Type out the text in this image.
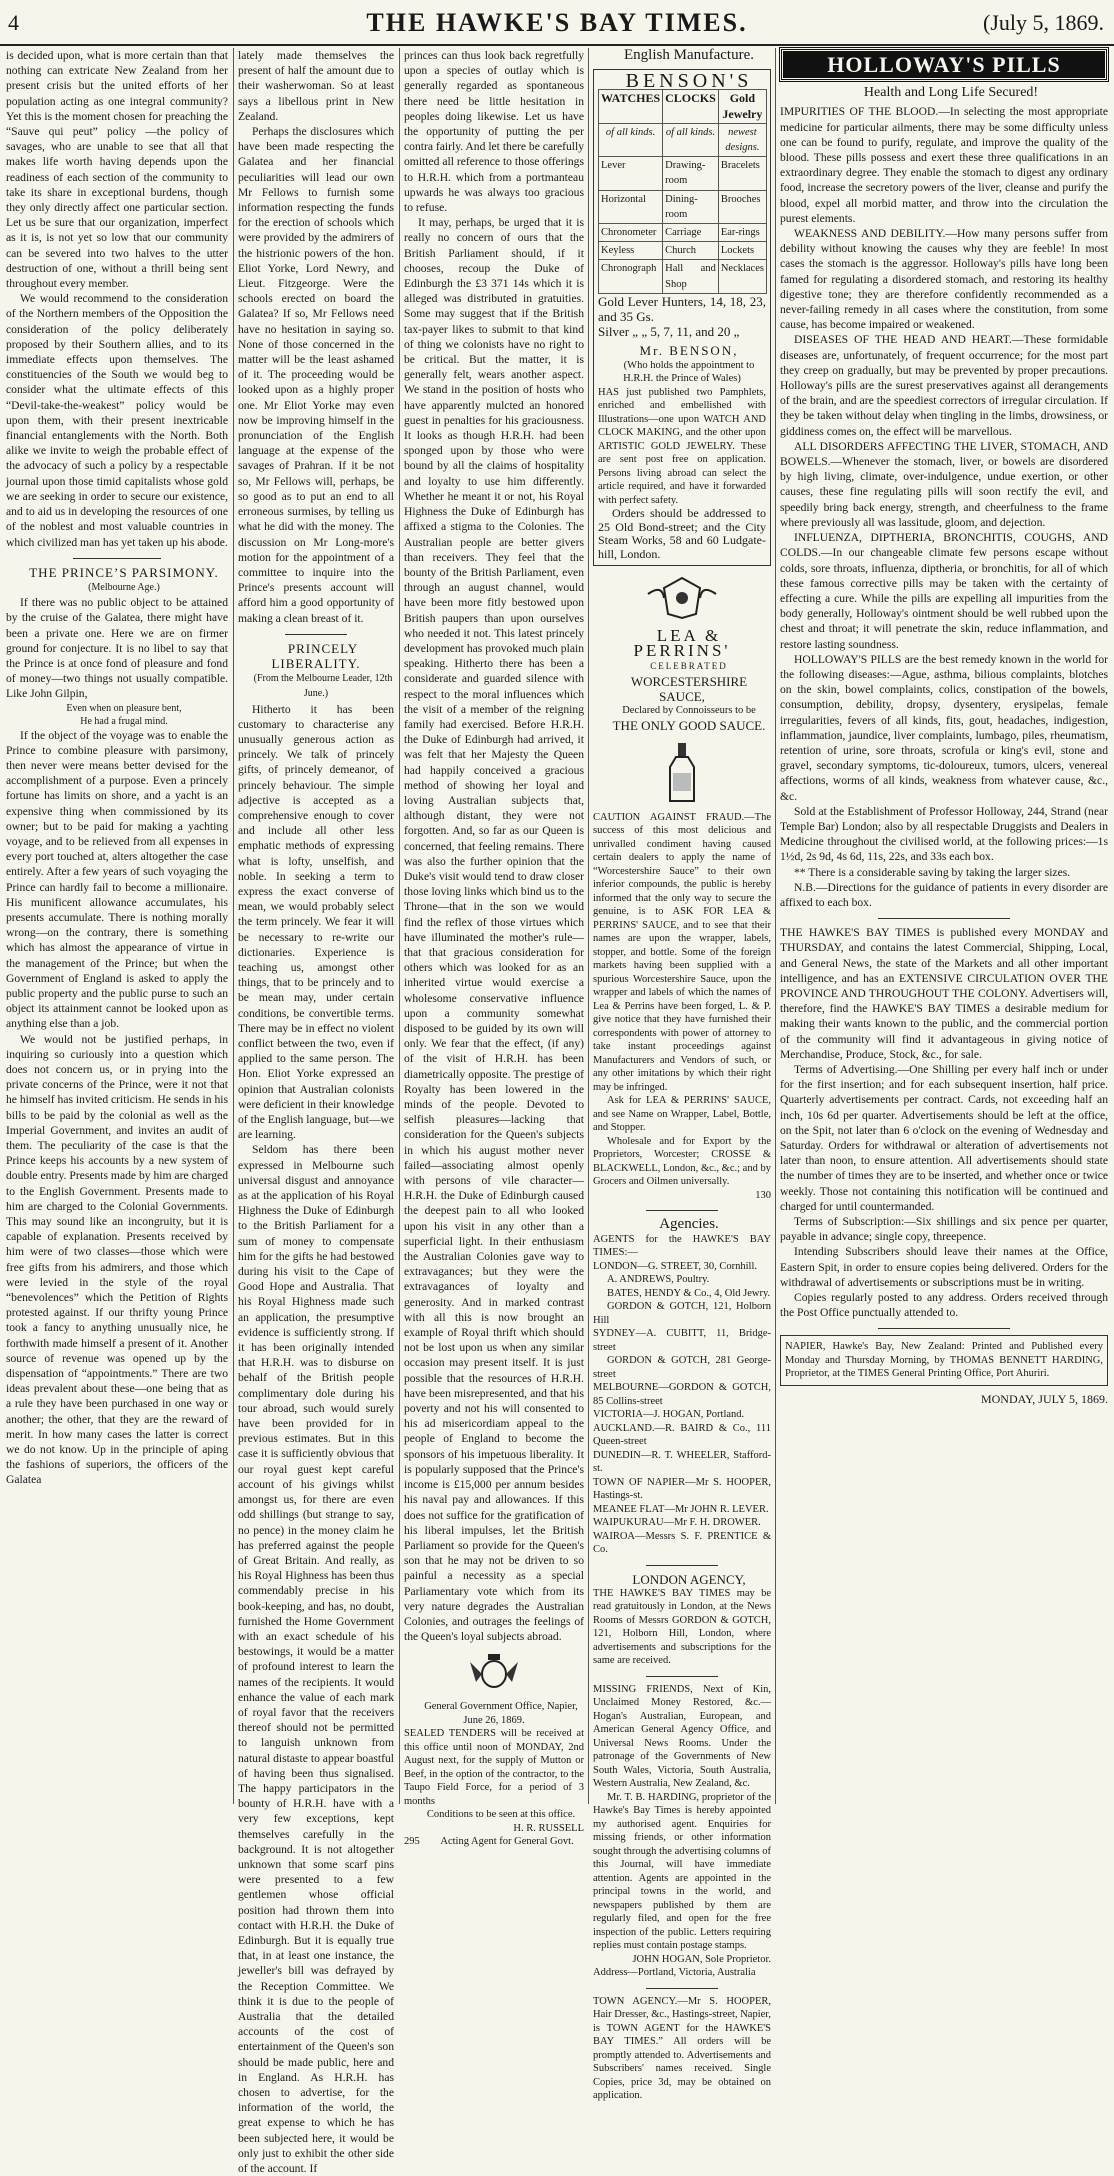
4	THE HAWKE'S BAY TIMES.	(July 5, 1869.

is decided upon, what is more certain than that nothing can extricate New Zealand from her present crisis but the united efforts of her population acting as one integral community? Yet this is the moment chosen for preaching the “Sauve qui peut” policy —the policy of savages, who are unable to see that all that makes life worth having depends upon the readiness of each section of the community to take its share in exceptional burdens, though they only directly affect one particular section. Let us be sure that our organization, imperfect as it is, is not yet so low that our community can be severed into two halves to the utter destruction of one, without a thrill being sent throughout every member.

We would recommend to the consideration of the Northern members of the Opposition the consideration of the policy deliberately proposed by their Southern allies, and to its immediate effects upon themselves. The constituencies of the South we would beg to consider what the ultimate effects of this “Devil-take-the-weakest” policy would be upon them, with their present inextricable financial entanglements with the North. Both alike we invite to weigh the probable effect of the advocacy of such a policy by a respectable journal upon those timid capitalists whose gold we are seeking in order to secure our existence, and to aid us in developing the resources of one of the noblest and most valuable countries in which civilized man has yet taken up his abode.

THE PRINCE’S PARSIMONY.

(Melbourne Age.)

If there was no public object to be attained by the cruise of the Galatea, there might have been a private one. Here we are on firmer ground for conjecture. It is no libel to say that the Prince is at once fond of pleasure and fond of money—two things not usually compatible. Like John Gilpin,

Even when on pleasure bent,

He had a frugal mind.

If the object of the voyage was to enable the Prince to combine pleasure with parsimony, then never were means better devised for the accomplishment of a purpose. Even a princely fortune has limits on shore, and a yacht is an expensive thing when commissioned by its owner; but to be paid for making a yachting voyage, and to be relieved from all expenses in every port touched at, alters altogether the case entirely. After a few years of such voyaging the Prince can hardly fail to become a millionaire. His munificent allowance accumulates, his presents accumulate. There is nothing morally wrong—on the contrary, there is something which has almost the appearance of virtue in the management of the Prince; but when the Government of England is asked to apply the public property and the public purse to such an object its attainment cannot be looked upon as anything else than a job.

We would not be justified perhaps, in inquiring so curiously into a question which does not concern us, or in prying into the private concerns of the Prince, were it not that he himself has invited criticism. He sends in his bills to be paid by the colonial as well as the Imperial Government, and invites an audit of them. The peculiarity of the case is that the Prince keeps his accounts by a new system of double entry. Presents made by him are charged to the English Government. Presents made to him are charged to the Colonial Governments. This may sound like an incongruity, but it is capable of explanation. Presents received by him were of two classes—those which were free gifts from his admirers, and those which were levied in the style of the royal “benevolences” which the Petition of Rights protested against. If our thrifty young Prince took a fancy to anything unusually nice, he forthwith made himself a present of it. Another source of revenue was opened up by the dispensation of “appointments.” There are two ideas prevalent about these—one being that as a rule they have been purchased in one way or another; the other, that they are the reward of merit. In how many cases the latter is correct we do not know. Up in the principle of aping the fashions of superiors, the officers of the Galatea

lately made themselves the present of half the amount due to their washerwoman. So at least says a libellous print in New Zealand.

Perhaps the disclosures which have been made respecting the Galatea and her financial peculiarities will lead our own Mr Fellows to furnish some information respecting the funds for the erection of schools which were provided by the admirers of the histrionic powers of the hon. Eliot Yorke, Lord Newry, and Lieut. Fitzgeorge. Were the schools erected on board the Galatea? If so, Mr Fellows need have no hesitation in saying so. None of those concerned in the matter will be the least ashamed of it. The proceeding would be looked upon as a highly proper one. Mr Eliot Yorke may even now be improving himself in the pronunciation of the English language at the expense of the savages of Prahran. If it be not so, Mr Fellows will, perhaps, be so good as to put an end to all erroneous surmises, by telling us what he did with the money. The discussion on Mr Long-more's motion for the appointment of a committee to inquire into the Prince's presents account will afford him a good opportunity of making a clean breast of it.

PRINCELY LIBERALITY.

(From the Melbourne Leader, 12th June.)

Hitherto it has been customary to characterise any unusually generous action as princely. We talk of princely gifts, of princely demeanor, of princely behaviour. The simple adjective is accepted as a comprehensive enough to cover and include all other less emphatic methods of expressing what is lofty, unselfish, and noble. In seeking a term to express the exact converse of mean, we would probably select the term princely. We fear it will be necessary to re-write our dictionaries. Experience is teaching us, amongst other things, that to be princely and to be mean may, under certain conditions, be convertible terms. There may be in effect no violent conflict between the two, even if applied to the same person. The Hon. Eliot Yorke expressed an opinion that Australian colonists were deficient in their knowledge of the English language, but—we are learning.

Seldom has there been expressed in Melbourne such universal disgust and annoyance as at the application of his Royal Highness the Duke of Edinburgh to the British Parliament for a sum of money to compensate him for the gifts he had bestowed during his visit to the Cape of Good Hope and Australia. That his Royal Highness made such an application, the presumptive evidence is sufficiently strong. If it has been originally intended that H.R.H. was to disburse on behalf of the British people complimentary dole during his tour abroad, such would surely have been provided for in previous estimates. But in this case it is sufficiently obvious that our royal guest kept careful account of his givings whilst amongst us, for there are even odd shillings (but strange to say, no pence) in the money claim he has preferred against the people of Great Britain. And really, as his Royal Highness has been thus commendably precise in his book-keeping, and has, no doubt, furnished the Home Government with an exact schedule of his bestowings, it would be a matter of profound interest to learn the names of the recipients. It would enhance the value of each mark of royal favor that the receivers thereof should not be permitted to languish unknown from natural distaste to appear boastful of having been thus signalised. The happy participators in the bounty of H.R.H. have with a very few exceptions, kept themselves carefully in the background. It is not altogether unknown that some scarf pins were presented to a few gentlemen whose official position had thrown them into contact with H.R.H. the Duke of Edinburgh. But it is equally true that, in at least one instance, the jeweller's bill was defrayed by the Reception Committee. We think it is due to the people of Australia that the detailed accounts of the cost of entertainment of the Queen's son should be made public, here and in England. As H.R.H. has chosen to advertise, for the information of the world, the great expense to which he has been subjected here, it would be only just to exhibit the other side of the account. If

princes can thus look back regretfully upon a species of outlay which is generally regarded as spontaneous there need be little hesitation in peoples doing likewise. Let us have the opportunity of putting the per contra fairly. And let there be carefully omitted all reference to those offerings to H.R.H. which from a portmanteau upwards he was always too gracious to refuse.

It may, perhaps, be urged that it is really no concern of ours that the British Parliament should, if it chooses, recoup the Duke of Edinburgh the £3 371 14s which it is alleged was distributed in gratuities. Some may suggest that if the British tax-payer likes to submit to that kind of thing we colonists have no right to be critical. But the matter, it is generally felt, wears another aspect. We stand in the position of hosts who have apparently mulcted an honored guest in penalties for his graciousness. It looks as though H.R.H. had been sponged upon by those who were bound by all the claims of hospitality and loyalty to use him differently. Whether he meant it or not, his Royal Highness the Duke of Edinburgh has affixed a stigma to the Colonies. The Australian people are better givers than receivers. They feel that the bounty of the British Parliament, even through an august channel, would have been more fitly bestowed upon British paupers than upon ourselves who needed it not. This latest princely development has provoked much plain speaking. Hitherto there has been a considerate and guarded silence with respect to the moral influences which the visit of a member of the reigning family had exercised. Before H.R.H. the Duke of Edinburgh had arrived, it was felt that her Majesty the Queen had happily conceived a gracious method of showing her loyal and loving Australian subjects that, although distant, they were not forgotten. And, so far as our Queen is concerned, that feeling remains. There was also the further opinion that the Duke's visit would tend to draw closer those loving links which bind us to the Throne—that in the son we would find the reflex of those virtues which have illuminated the mother's rule—that that gracious consideration for others which was looked for as an inherited virtue would exercise a wholesome conservative influence upon a community somewhat disposed to be guided by its own will only. We fear that the effect, (if any) of the visit of H.R.H. has been diametrically opposite. The prestige of Royalty has been lowered in the minds of the people. Devoted to selfish pleasures—lacking that consideration for the Queen's subjects in which his august mother never failed—associating almost openly with persons of vile character—H.R.H. the Duke of Edinburgh caused the deepest pain to all who looked upon his visit in any other than a superficial light. In their enthusiasm the Australian Colonies gave way to extravagances; but they were the extravagances of loyalty and generosity. And in marked contrast with all this is now brought an example of Royal thrift which should not be lost upon us when any similar occasion may present itself. It is just possible that the resources of H.R.H. have been misrepresented, and that his poverty and not his will consented to his ad misericordiam appeal to the people of England to become the sponsors of his impetuous liberality. It is popularly supposed that the Prince's income is £15,000 per annum besides his naval pay and allowances. If this does not suffice for the gratification of his liberal impulses, let the British Parliament so provide for the Queen's son that he may not be driven to so painful a necessity as a special Parliamentary vote which from its very nature degrades the Australian Colonies, and outrages the feelings of the Queen's loyal subjects abroad.

General Government Office, Napier, June 26, 1869.

SEALED TENDERS will be received at this office until noon of MONDAY, 2nd August next, for the supply of Mutton or Beef, in the option of the contractor, to the Taupo Field Force, for a period of 3 months

Conditions to be seen at this office.

H. R. RUSSELL

295 Acting Agent for General Govt.

English Manufacture.

BENSON'S

WATCHES	CLOCKS	Gold Jewelry
of all kinds.	of all kinds.	newest designs.
Lever	Drawing-room	Bracelets
Horizontal	Dining-room	Brooches
Chronometer	Carriage	Ear-rings
Keyless	Church	Lockets
Chronograph	Hall and Shop	Necklaces

Gold Lever Hunters, 14, 18, 23, and 35 Gs.

Silver „ „ 5, 7, 11, and 20 „

Mr. BENSON,

(Who holds the appointment to H.R.H. the Prince of Wales)

HAS just published two Pamphlets, enriched and embellished with Illustrations—one upon WATCH AND CLOCK MAKING, and the other upon ARTISTIC GOLD JEWELRY. These are sent post free on application. Persons living abroad can select the article required, and have it forwarded with perfect safety.

Orders should be addressed to 25 Old Bond-street; and the City Steam Works, 58 and 60 Ludgate-hill, London.

LEA & PERRINS'

CELEBRATED

WORCESTERSHIRE SAUCE,

Declared by Connoisseurs to be

THE ONLY GOOD SAUCE.

CAUTION AGAINST FRAUD.—The success of this most delicious and unrivalled condiment having caused certain dealers to apply the name of “Worcestershire Sauce” to their own inferior compounds, the public is hereby informed that the only way to secure the genuine, is to ASK FOR LEA & PERRINS' SAUCE, and to see that their names are upon the wrapper, labels, stopper, and bottle. Some of the foreign markets having been supplied with a spurious Worcestershire Sauce, upon the wrapper and labels of which the names of Lea & Perrins have been forged, L. & P. give notice that they have furnished their correspondents with power of attorney to take instant proceedings against Manufacturers and Vendors of such, or any other imitations by which their right may be infringed.

Ask for LEA & PERRINS' SAUCE, and see Name on Wrapper, Label, Bottle, and Stopper.

Wholesale and for Export by the Proprietors, Worcester; CROSSE & BLACKWELL, London, &c., &c.; and by Grocers and Oilmen universally.

130

Agencies.

AGENTS for the HAWKE'S BAY TIMES:—

LONDON—G. STREET, 30, Cornhill.

A. ANDREWS, Poultry.

BATES, HENDY & Co., 4, Old Jewry.

GORDON & GOTCH, 121, Holborn Hill

SYDNEY—A. CUBITT, 11, Bridge-street

GORDON & GOTCH, 281 George-street

MELBOURNE—GORDON & GOTCH, 85 Collins-street

VICTORIA—J. HOGAN, Portland.

AUCKLAND.—R. BAIRD & Co., 111 Queen-street

DUNEDIN—R. T. WHEELER, Stafford-st.

TOWN OF NAPIER—Mr S. HOOPER, Hastings-st.

MEANEE FLAT—Mr JOHN R. LEVER.

WAIPUKURAU—Mr F. H. DROWER.

WAIROA—Messrs S. F. PRENTICE & Co.

LONDON AGENCY,

THE HAWKE'S BAY TIMES may be read gratuitously in London, at the News Rooms of Messrs GORDON & GOTCH, 121, Holborn Hill, London, where advertisements and subscriptions for the same are received.

MISSING FRIENDS, Next of Kin, Unclaimed Money Restored, &c.—Hogan's Australian, European, and American General Agency Office, and Universal News Rooms. Under the patronage of the Governments of New South Wales, Victoria, South Australia, Western Australia, New Zealand, &c.

Mr. T. B. HARDING, proprietor of the Hawke's Bay Times is hereby appointed my authorised agent. Enquiries for missing friends, or other information sought through the advertising columns of this Journal, will have immediate attention. Agents are appointed in the principal towns in the world, and newspapers published by them are regularly filed, and open for the free inspection of the public. Letters requiring replies must contain postage stamps.

JOHN HOGAN, Sole Proprietor.

Address—Portland, Victoria, Australia

TOWN AGENCY.—Mr S. HOOPER, Hair Dresser, &c., Hastings-street, Napier, is TOWN AGENT for the HAWKE'S BAY TIMES.” All orders will be promptly attended to. Advertisements and Subscribers' names received. Single Copies, price 3d, may be obtained on application.

HOLLOWAY'S PILLS

Health and Long Life Secured!

IMPURITIES OF THE BLOOD.—In selecting the most appropriate medicine for particular ailments, there may be some difficulty unless one can be found to purify, regulate, and improve the quality of the blood. These pills possess and exert these three qualifications in an extraordinary degree. They enable the stomach to digest any ordinary food, increase the secretory powers of the liver, cleanse and purify the blood, expel all morbid matter, and throw into the circulation the purest elements.

WEAKNESS AND DEBILITY.—How many persons suffer from debility without knowing the causes why they are feeble! In most cases the stomach is the aggressor. Holloway's pills have long been famed for regulating a disordered stomach, and restoring its healthy digestive tone; they are therefore confidently recommended as a never-failing remedy in all cases where the constitution, from some cause, has become impaired or weakened.

DISEASES OF THE HEAD AND HEART.—These formidable diseases are, unfortunately, of frequent occurrence; for the most part they creep on gradually, but may be prevented by proper precautions. Holloway's pills are the surest preservatives against all derangements of the brain, and are the speediest correctors of irregular circulation. If they be taken without delay when tingling in the limbs, drowsiness, or giddiness comes on, the effect will be marvellous.

ALL DISORDERS AFFECTING THE LIVER, STOMACH, AND BOWELS.—Whenever the stomach, liver, or bowels are disordered by high living, climate, over-indulgence, undue exertion, or other causes, these fine regulating pills will soon rectify the evil, and speedily bring back energy, strength, and cheerfulness to the frame where previously all was lassitude, gloom, and dejection.

INFLUENZA, DIPTHERIA, BRONCHITIS, COUGHS, AND COLDS.—In our changeable climate few persons escape without colds, sore throats, influenza, diptheria, or bronchitis, for all of which these famous corrective pills may be taken with the certainty of effecting a cure. While the pills are expelling all impurities from the body generally, Holloway's ointment should be well rubbed upon the chest and throat; it will penetrate the skin, reduce inflammation, and restore lasting soundness.

HOLLOWAY'S PILLS are the best remedy known in the world for the following diseases:—Ague, asthma, bilious complaints, blotches on the skin, bowel complaints, colics, constipation of the bowels, consumption, debility, dropsy, dysentery, erysipelas, female irregularities, fevers of all kinds, fits, gout, headaches, indigestion, inflammation, jaundice, liver complaints, lumbago, piles, rheumatism, retention of urine, sore throats, scrofula or king's evil, stone and gravel, secondary symptoms, tic-doloureux, tumors, ulcers, venereal affections, worms of all kinds, weakness from whatever cause, &c., &c.

Sold at the Establishment of Professor Holloway, 244, Strand (near Temple Bar) London; also by all respectable Druggists and Dealers in Medicine throughout the civilised world, at the following prices:—1s 1½d, 2s 9d, 4s 6d, 11s, 22s, and 33s each box.

** There is a considerable saving by taking the larger sizes.

N.B.—Directions for the guidance of patients in every disorder are affixed to each box.

THE HAWKE'S BAY TIMES is published every MONDAY and THURSDAY, and contains the latest Commercial, Shipping, Local, and General News, the state of the Markets and all other important intelligence, and has an EXTENSIVE CIRCULATION OVER THE PROVINCE AND THROUGHOUT THE COLONY. Advertisers will, therefore, find the HAWKE'S BAY TIMES a desirable medium for making their wants known to the public, and the commercial portion of the community will find it advantageous in giving notice of Merchandise, Produce, Stock, &c., for sale.

Terms of Advertising.—One Shilling per every half inch or under for the first insertion; and for each subsequent insertion, half price. Quarterly advertisements per contract. Cards, not exceeding half an inch, 10s 6d per quarter. Advertisements should be left at the office, on the Spit, not later than 6 o'clock on the evening of Wednesday and Saturday. Orders for withdrawal or alteration of advertisements not later than noon, to ensure attention. All advertisements should state the number of times they are to be inserted, and whether once or twice weekly. Those not containing this notification will be continued and charged for until countermanded.

Terms of Subscription:—Six shillings and six pence per quarter, payable in advance; single copy, threepence.

Intending Subscribers should leave their names at the Office, Eastern Spit, in order to ensure copies being delivered. Orders for the withdrawal of advertisements or subscriptions must be in writing.

Copies regularly posted to any address. Orders received through the Post Office punctually attended to.

NAPIER, Hawke's Bay, New Zealand: Printed and Published every Monday and Thursday Morning, by THOMAS BENNETT HARDING, Proprietor, at the TIMES General Printing Office, Port Ahuriri.

MONDAY, JULY 5, 1869.
